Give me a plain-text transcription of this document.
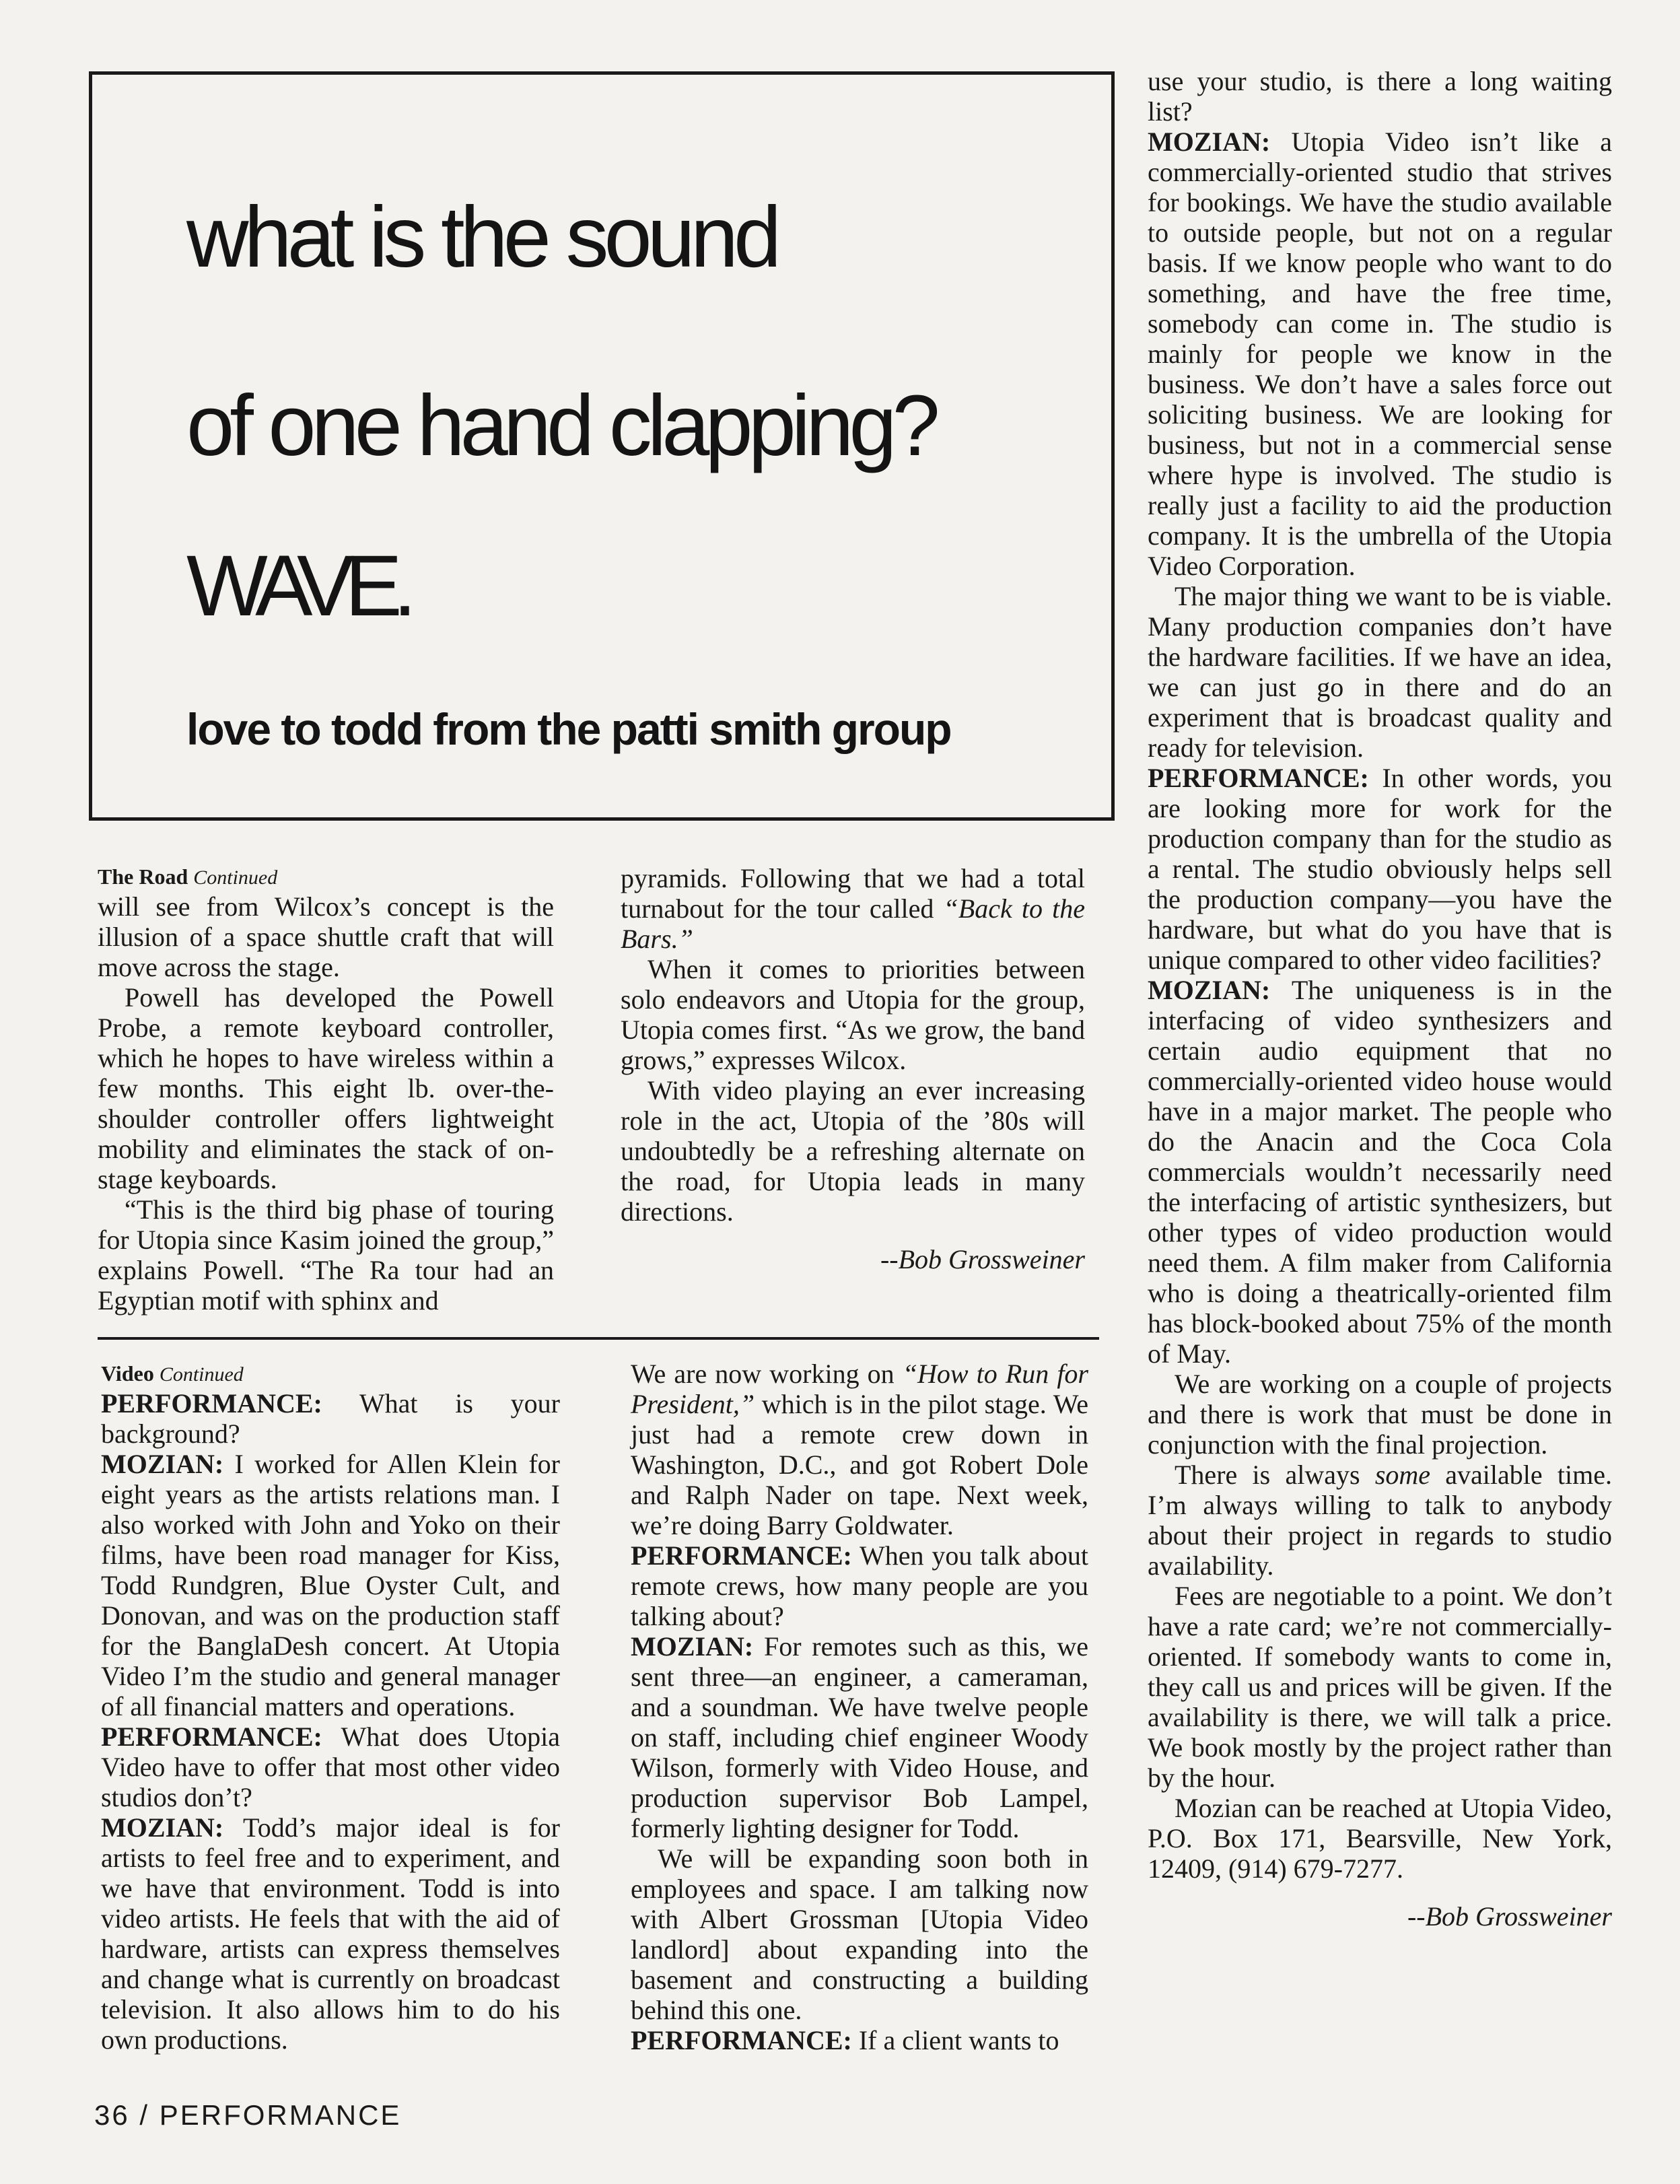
what is the sound
of one hand clapping?
WAVE.
love to todd from the patti smith group

The Road Continued

will see from Wilcox’s concept is the illusion of a space shuttle craft that will move across the stage.

Powell has developed the Powell Probe, a remote keyboard controller, which he hopes to have wireless within a few months. This eight lb. over-the-shoulder controller offers lightweight mobility and eliminates the stack of on-stage keyboards.

“This is the third big phase of touring for Utopia since Kasim joined the group,” explains Powell. “The Ra tour had an Egyptian motif with sphinx and

pyramids. Following that we had a total turnabout for the tour called “Back to the Bars.”

When it comes to priorities between solo endeavors and Utopia for the group, Utopia comes first. “As we grow, the band grows,” expresses Wilcox.

With video playing an ever increasing role in the act, Utopia of the ’80s will undoubtedly be a refreshing alternate on the road, for Utopia leads in many directions.

--Bob Grossweiner

Video Continued

PERFORMANCE: What is your background?

MOZIAN: I worked for Allen Klein for eight years as the artists relations man. I also worked with John and Yoko on their films, have been road manager for Kiss, Todd Rundgren, Blue Oyster Cult, and Donovan, and was on the production staff for the BanglaDesh concert. At Utopia Video I’m the studio and general manager of all financial matters and operations.

PERFORMANCE: What does Utopia Video have to offer that most other video studios don’t?

MOZIAN: Todd’s major ideal is for artists to feel free and to experiment, and we have that environment. Todd is into video artists. He feels that with the aid of hardware, artists can express themselves and change what is currently on broadcast television. It also allows him to do his own productions.

We are now working on “How to Run for President,” which is in the pilot stage. We just had a remote crew down in Washington, D.C., and got Robert Dole and Ralph Nader on tape. Next week, we’re doing Barry Goldwater.

PERFORMANCE: When you talk about remote crews, how many people are you talking about?

MOZIAN: For remotes such as this, we sent three—an engineer, a cameraman, and a soundman. We have twelve people on staff, including chief engineer Woody Wilson, formerly with Video House, and production supervisor Bob Lampel, formerly lighting designer for Todd.

We will be expanding soon both in employees and space. I am talking now with Albert Grossman [Utopia Video landlord] about expanding into the basement and constructing a building behind this one.

PERFORMANCE: If a client wants to

use your studio, is there a long waiting list?

MOZIAN: Utopia Video isn’t like a commercially-oriented studio that strives for bookings. We have the studio available to outside people, but not on a regular basis. If we know people who want to do something, and have the free time, somebody can come in. The studio is mainly for people we know in the business. We don’t have a sales force out soliciting business. We are looking for business, but not in a commercial sense where hype is involved. The studio is really just a facility to aid the production company. It is the umbrella of the Utopia Video Corporation.

The major thing we want to be is viable. Many production companies don’t have the hardware facilities. If we have an idea, we can just go in there and do an experiment that is broadcast quality and ready for television.

PERFORMANCE: In other words, you are looking more for work for the production company than for the studio as a rental. The studio obviously helps sell the production company—you have the hardware, but what do you have that is unique compared to other video facilities?

MOZIAN: The uniqueness is in the interfacing of video synthesizers and certain audio equipment that no commercially-oriented video house would have in a major market. The people who do the Anacin and the Coca Cola commercials wouldn’t necessarily need the interfacing of artistic synthesizers, but other types of video production would need them. A film maker from California who is doing a theatrically-oriented film has block-booked about 75% of the month of May.

We are working on a couple of projects and there is work that must be done in conjunction with the final projection.

There is always some available time. I’m always willing to talk to anybody about their project in regards to studio availability.

Fees are negotiable to a point. We don’t have a rate card; we’re not commercially-oriented. If somebody wants to come in, they call us and prices will be given. If the availability is there, we will talk a price. We book mostly by the project rather than by the hour.

Mozian can be reached at Utopia Video, P.O. Box 171, Bearsville, New York, 12409, (914) 679-7277.

--Bob Grossweiner

36 / PERFORMANCE
